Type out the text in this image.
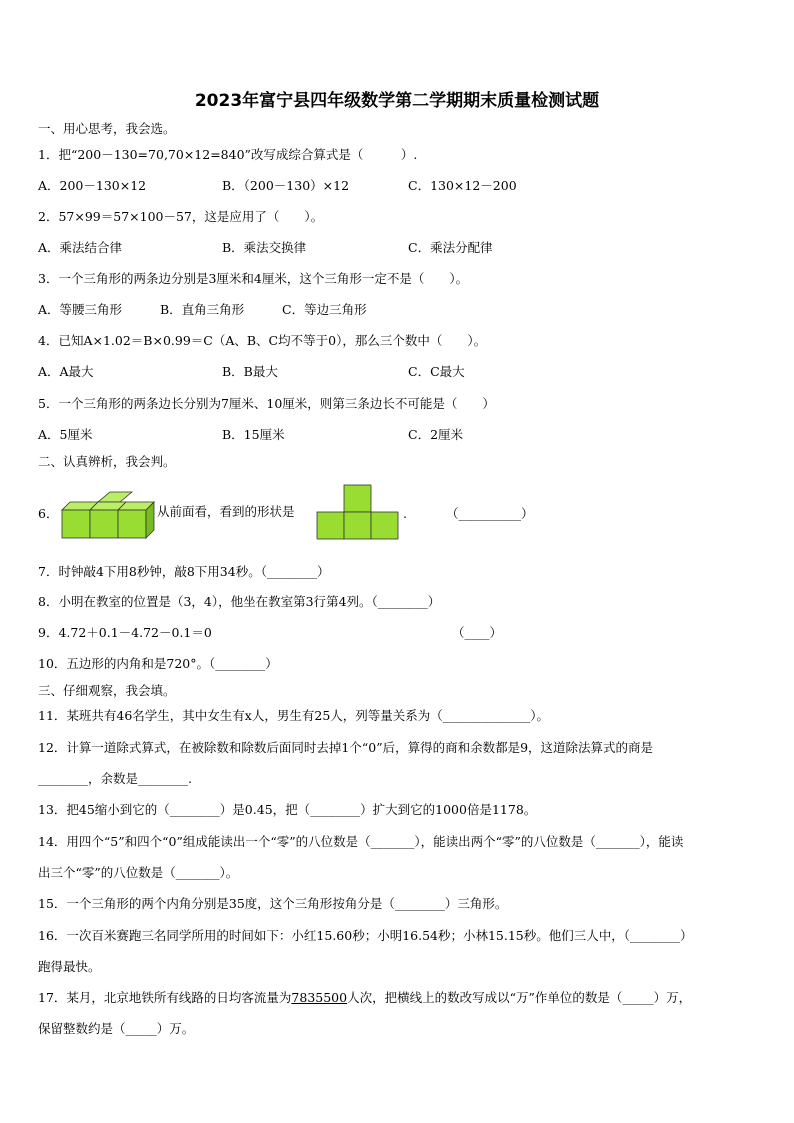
2023年富宁县四年级数学第二学期期末质量检测试题
一、用心思考，我会选。
1．把“200－130=70,70×12=840”改写成综合算式是（　　　）.
A．200－130×12	B．（200－130）×12	C．130×12－200
2．57×99＝57×100－57，这是应用了（　　）。
A．乘法结合律	B．乘法交换律	C．乘法分配律
3．一个三角形的两条边分别是3厘米和4厘米，这个三角形一定不是（　　）。
A．等腰三角形	B．直角三角形	C．等边三角形
4．已知A×1.02＝B×0.99＝C（A、B、C均不等于0），那么三个数中（　　）。
A．A最大	B．B最大	C．C最大
5．一个三角形的两条边长分别为7厘米、10厘米，则第三条边长不可能是（　　）
A．5厘米	B．15厘米	C．2厘米
二、认真辨析，我会判。
6．	从前面看，看到的形状是	.	（__________）
7．时钟敲4下用8秒钟，敲8下用34秒。（________）
8．小明在教室的位置是（3，4），他坐在教室第3行第4列。（________）
9．4.72＋0.1－4.72－0.1＝0	（____）
10．五边形的内角和是720°。（________）
三、仔细观察，我会填。
11．某班共有46名学生，其中女生有x人，男生有25人，列等量关系为（______________）。
12．计算一道除式算式，在被除数和除数后面同时去掉1个“0”后，算得的商和余数都是9，这道除法算式的商是
________，余数是________.
13．把45缩小到它的（________）是0.45，把（________）扩大到它的1000倍是1178。
14．用四个“5”和四个“0”组成能读出一个“零”的八位数是（_______），能读出两个“零”的八位数是（_______），能读
出三个“零”的八位数是（_______）。
15．一个三角形的两个内角分别是35度，这个三角形按角分是（________）三角形。
16．一次百米赛跑三名同学所用的时间如下：小红15.60秒；小明16.54秒；小林15.15秒。他们三人中，（________）
跑得最快。
17．某月，北京地铁所有线路的日均客流量为7835500人次，把横线上的数改写成以“万”作单位的数是（_____）万，
保留整数约是（_____）万。
